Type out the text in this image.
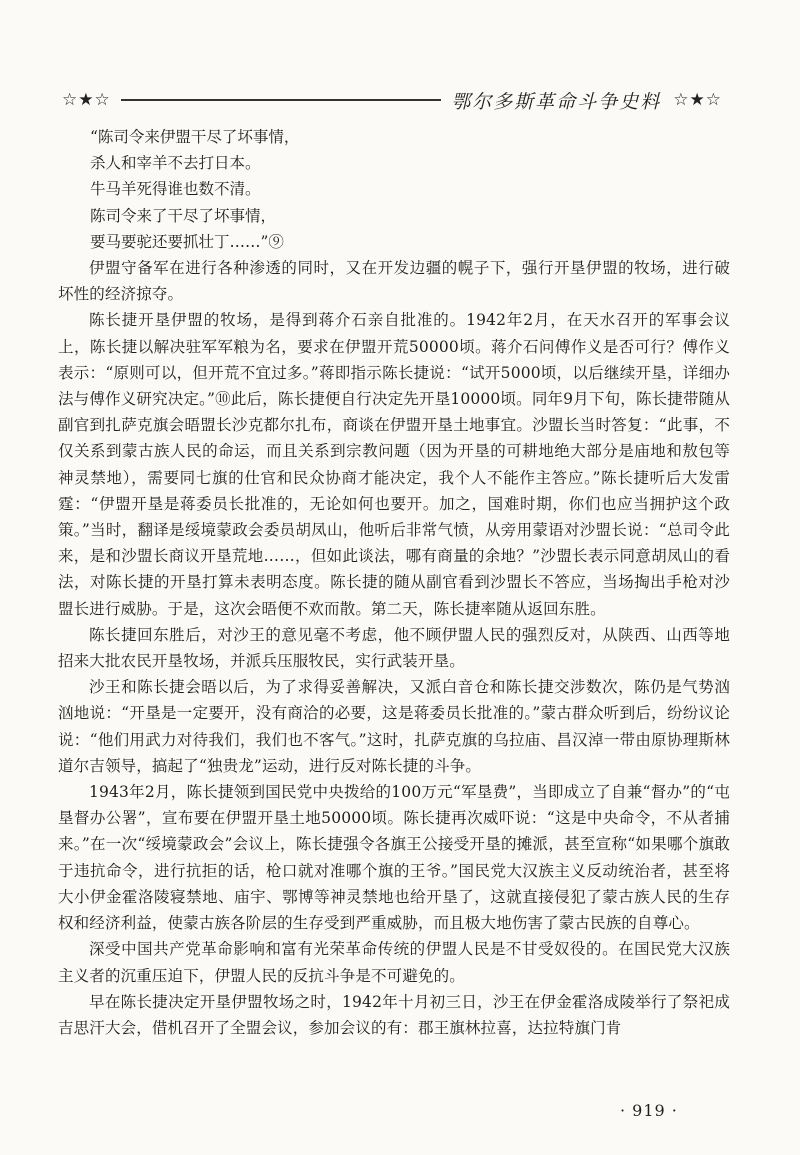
☆★☆	鄂尔多斯革命斗争史料 ☆★☆

“陈司令来伊盟干尽了坏事情，

杀人和宰羊不去打日本。

牛马羊死得谁也数不清。

陈司令来了干尽了坏事情，

要马要驼还要抓壮丁……”⑨

伊盟守备军在进行各种渗透的同时，又在开发边疆的幌子下，强行开垦伊盟的牧场，进行破坏性的经济掠夺。

陈长捷开垦伊盟的牧场，是得到蒋介石亲自批准的。1942年2月，在天水召开的军事会议上，陈长捷以解决驻军军粮为名，要求在伊盟开荒50000顷。蒋介石问傅作义是否可行？傅作义表示：“原则可以，但开荒不宜过多。”蒋即指示陈长捷说：“试开5000顷，以后继续开垦，详细办法与傅作义研究决定。”⑩此后，陈长捷便自行决定先开垦10000顷。同年9月下旬，陈长捷带随从副官到扎萨克旗会晤盟长沙克都尔扎布，商谈在伊盟开垦土地事宜。沙盟长当时答复：“此事，不仅关系到蒙古族人民的命运，而且关系到宗教问题（因为开垦的可耕地绝大部分是庙地和敖包等神灵禁地），需要同七旗的仕官和民众协商才能决定，我个人不能作主答应。”陈长捷听后大发雷霆：“伊盟开垦是蒋委员长批准的，无论如何也要开。加之，国难时期，你们也应当拥护这个政策。”当时，翻译是绥境蒙政会委员胡凤山，他听后非常气愤，从旁用蒙语对沙盟长说：“总司令此来，是和沙盟长商议开垦荒地……，但如此谈法，哪有商量的余地？”沙盟长表示同意胡凤山的看法，对陈长捷的开垦打算未表明态度。陈长捷的随从副官看到沙盟长不答应，当场掏出手枪对沙盟长进行威胁。于是，这次会晤便不欢而散。第二天，陈长捷率随从返回东胜。

陈长捷回东胜后，对沙王的意见毫不考虑，他不顾伊盟人民的强烈反对，从陕西、山西等地招来大批农民开垦牧场，并派兵压服牧民，实行武装开垦。

沙王和陈长捷会晤以后，为了求得妥善解决，又派白音仓和陈长捷交涉数次，陈仍是气势汹汹地说：“开垦是一定要开，没有商洽的必要，这是蒋委员长批准的。”蒙古群众听到后，纷纷议论说：“他们用武力对待我们，我们也不客气。”这时，扎萨克旗的乌拉庙、昌汉淖一带由原协理斯林道尔吉领导，搞起了“独贵龙”运动，进行反对陈长捷的斗争。

1943年2月，陈长捷领到国民党中央拨给的100万元“军垦费”，当即成立了自兼“督办”的“屯垦督办公署”，宣布要在伊盟开垦土地50000顷。陈长捷再次威吓说：“这是中央命令，不从者捕来。”在一次“绥境蒙政会”会议上，陈长捷强令各旗王公接受开垦的摊派，甚至宣称“如果哪个旗敢于违抗命令，进行抗拒的话，枪口就对准哪个旗的王爷。”国民党大汉族主义反动统治者，甚至将大小伊金霍洛陵寝禁地、庙宇、鄂博等神灵禁地也给开垦了，这就直接侵犯了蒙古族人民的生存权和经济利益，使蒙古族各阶层的生存受到严重威胁，而且极大地伤害了蒙古民族的自尊心。

深受中国共产党革命影响和富有光荣革命传统的伊盟人民是不甘受奴役的。在国民党大汉族主义者的沉重压迫下，伊盟人民的反抗斗争是不可避免的。

早在陈长捷决定开垦伊盟牧场之时，1942年十月初三日，沙王在伊金霍洛成陵举行了祭祀成吉思汗大会，借机召开了全盟会议，参加会议的有：郡王旗林拉喜，达拉特旗门肯

· 919 ·
